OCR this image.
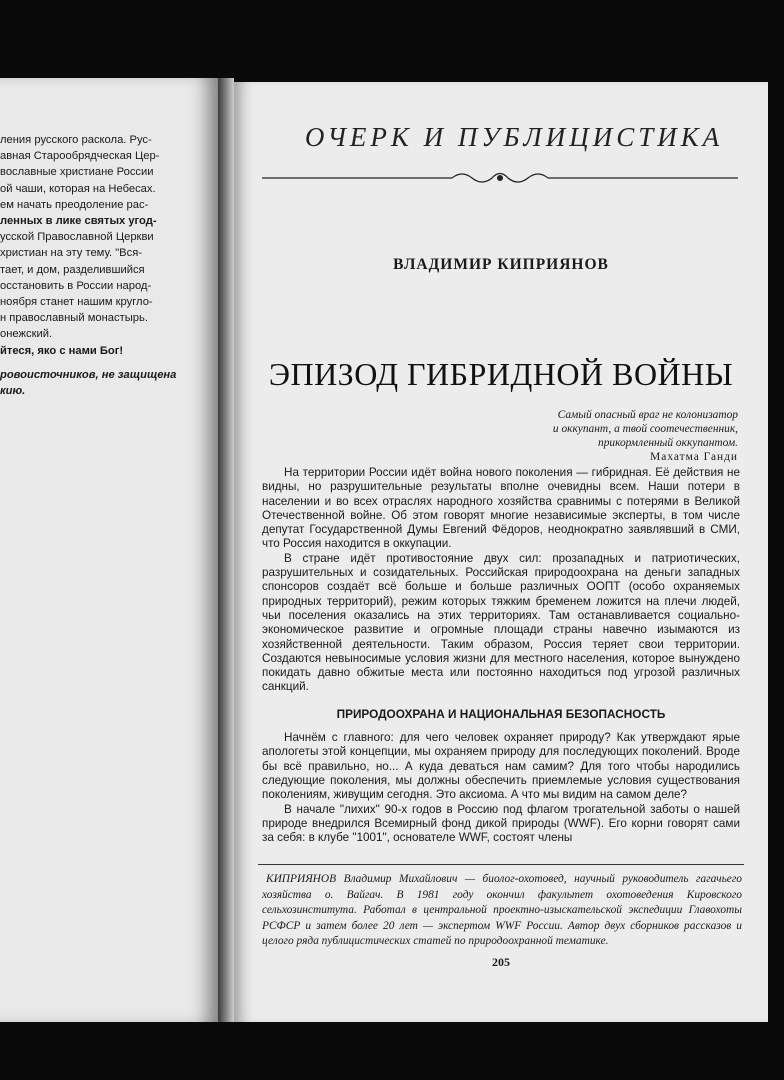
ления русского раскола. Рус-
авная Старообрядческая Цер-
вославные христиане России
ой чаши, которая на Небесах.
ем начать преодоление рас-
ленных в лике святых угод-
усской Православной Церкви
христиан на эту тему. "Вся-
тает, и дом, разделившийся
осстановить в России народ-
ноября станет нашим кругло-
н православный монастырь.
онежский.
йтеся, яко с нами Бог!
ровоисточников, не защищена
кию.
ОЧЕРК И ПУБЛИЦИСТИКА
ВЛАДИМИР КИПРИЯНОВ
ЭПИЗОД ГИБРИДНОЙ ВОЙНЫ
Самый опасный враг не колонизатор
и оккупант, а твой соотечественник,
прикормленный оккупантом.
Махатма Ганди

На территории России идёт война нового поколения — гибридная. Её действия не видны, но разрушительные результаты вполне очевидны всем. Наши потери в населении и во всех отраслях народного хозяйства сравнимы с потерями в Великой Отечественной войне. Об этом говорят многие независимые эксперты, в том числе депутат Государственной Думы Евгений Фёдоров, неоднократно заявлявший в СМИ, что Россия находится в оккупации.

В стране идёт противостояние двух сил: прозападных и патриотических, разрушительных и созидательных. Российская природоохрана на деньги западных спонсоров создаёт всё больше и больше различных ООПТ (особо охраняемых природных территорий), режим которых тяжким бременем ложится на плечи людей, чьи поселения оказались на этих территориях. Там останавливается социально-экономическое развитие и огромные площади страны навечно изымаются из хозяйственной деятельности. Таким образом, Россия теряет свои территории. Создаются невыносимые условия жизни для местного населения, которое вынуждено покидать давно обжитые места или постоянно находиться под угрозой различных санкций.

ПРИРОДООХРАНА И НАЦИОНАЛЬНАЯ БЕЗОПАСНОСТЬ

Начнём с главного: для чего человек охраняет природу? Как утверждают ярые апологеты этой концепции, мы охраняем природу для последующих поколений. Вроде бы всё правильно, но... А куда деваться нам самим? Для того чтобы народились следующие поколения, мы должны обеспечить приемлемые условия существования поколениям, живущим сегодня. Это аксиома. А что мы видим на самом деле?

В начале "лихих" 90-х годов в Россию под флагом трогательной заботы о нашей природе внедрился Всемирный фонд дикой природы (WWF). Его корни говорят сами за себя: в клубе "1001", основателе WWF, состоят члены

КИПРИЯНОВ Владимир Михайлович — биолог-охотовед, научный руководитель гагачьего хозяйства о. Вайгач. В 1981 году окончил факультет охотоведения Кировского сельхозинститута. Работал в центральной проектно-изыскательской экспедиции Главохоты РСФСР и затем более 20 лет — экспертом WWF России. Автор двух сборников рассказов и целого ряда публицистических статей по природоохранной тематике.
205
